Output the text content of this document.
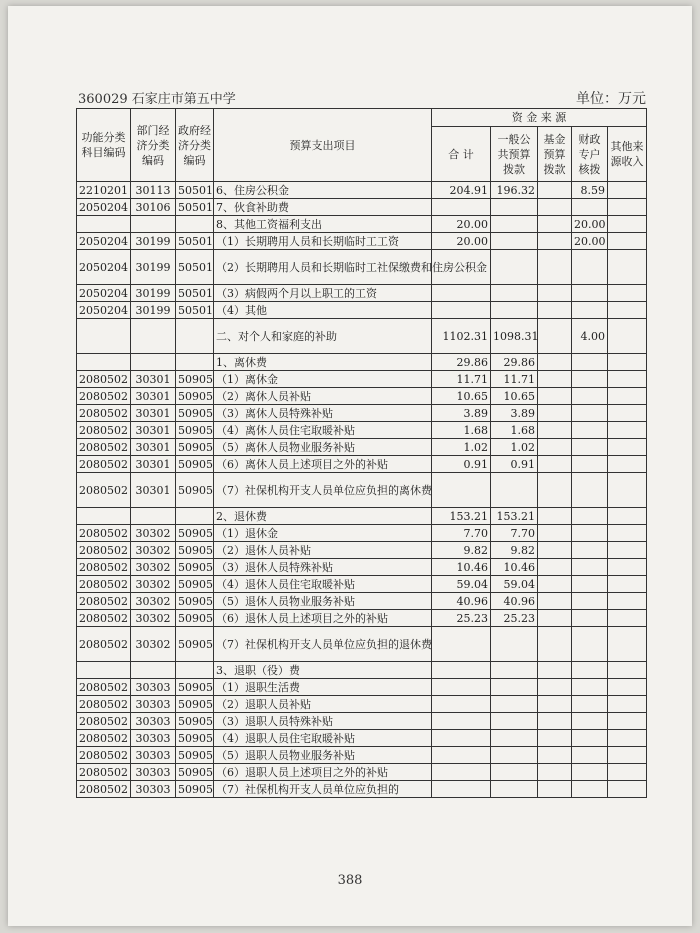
360029 石家庄市第五中学	单位：万元
功能分类科目编码	部门经济分类编码	政府经济分类编码	预算支出项目	资 金 来 源				
				合 计	一般公共预算拨款	基金预算拨款	财政专户核拨	其他来源收入
2210201	30113	50501	6、住房公积金	204.91	196.32		8.59	
2050204	30106	50501	7、伙食补助费					
			8、其他工资福利支出	20.00			20.00	
2050204	30199	50501	（1）长期聘用人员和长期临时工工资	20.00			20.00	
2050204	30199	50501	（2）长期聘用人员和长期临时工社保缴费和住房公积金					
2050204	30199	50501	（3）病假两个月以上职工的工资					
2050204	30199	50501	（4）其他					
			二、对个人和家庭的补助	1102.31	1098.31		4.00	
			1、离休费	29.86	29.86			
2080502	30301	50905	（1）离休金	11.71	11.71			
2080502	30301	50905	（2）离休人员补贴	10.65	10.65			
2080502	30301	50905	（3）离休人员特殊补贴	3.89	3.89			
2080502	30301	50905	（4）离休人员住宅取暖补贴	1.68	1.68			
2080502	30301	50905	（5）离休人员物业服务补贴	1.02	1.02			
2080502	30301	50905	（6）离休人员上述项目之外的补贴	0.91	0.91			
2080502	30301	50905	（7）社保机构开支人员单位应负担的离休费					
			2、退休费	153.21	153.21			
2080502	30302	50905	（1）退休金	7.70	7.70			
2080502	30302	50905	（2）退休人员补贴	9.82	9.82			
2080502	30302	50905	（3）退休人员特殊补贴	10.46	10.46			
2080502	30302	50905	（4）退休人员住宅取暖补贴	59.04	59.04			
2080502	30302	50905	（5）退休人员物业服务补贴	40.96	40.96			
2080502	30302	50905	（6）退休人员上述项目之外的补贴	25.23	25.23			
2080502	30302	50905	（7）社保机构开支人员单位应负担的退休费					
			3、退职（役）费					
2080502	30303	50905	（1）退职生活费					
2080502	30303	50905	（2）退职人员补贴					
2080502	30303	50905	（3）退职人员特殊补贴					
2080502	30303	50905	（4）退职人员住宅取暖补贴					
2080502	30303	50905	（5）退职人员物业服务补贴					
2080502	30303	50905	（6）退职人员上述项目之外的补贴					
2080502	30303	50905	（7）社保机构开支人员单位应负担的					
388
